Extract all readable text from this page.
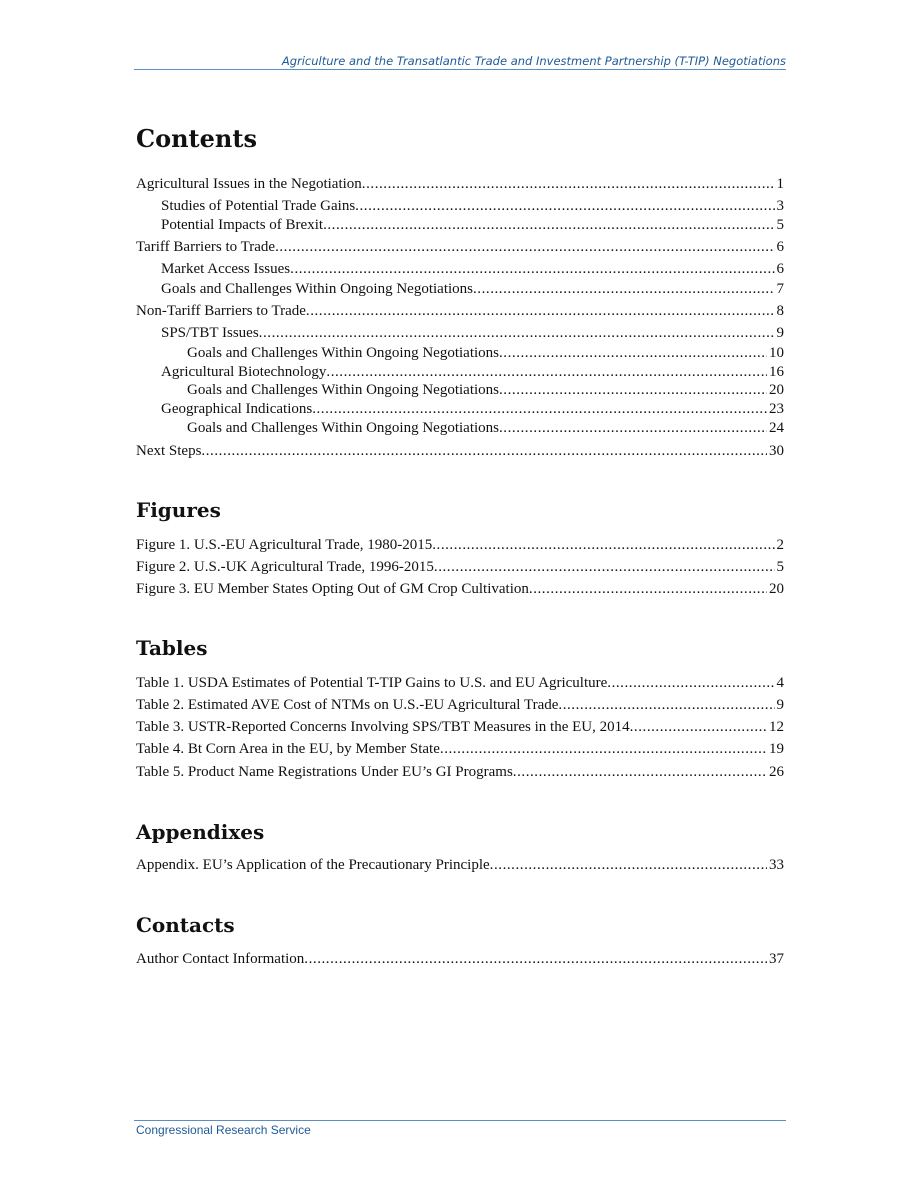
Agriculture and the Transatlantic Trade and Investment Partnership (T-TIP) Negotiations
Contents
Agricultural Issues in the Negotiation . . .	1
Studies of Potential Trade Gains . . .	3
Potential Impacts of Brexit . . .	5
Tariff Barriers to Trade . . .	6
Market Access Issues . . .	6
Goals and Challenges Within Ongoing Negotiations . . .	7
Non-Tariff Barriers to Trade . . .	8
SPS/TBT Issues . . .	9
Goals and Challenges Within Ongoing Negotiations . . .	10
Agricultural Biotechnology . . .	16
Goals and Challenges Within Ongoing Negotiations . . .	20
Geographical Indications . . .	23
Goals and Challenges Within Ongoing Negotiations . . .	24
Next Steps . . .	30
Figures
Figure 1. U.S.-EU Agricultural Trade, 1980-2015 . . .	2
Figure 2. U.S.-UK Agricultural Trade, 1996-2015 . . .	5
Figure 3. EU Member States Opting Out of GM Crop Cultivation . . .	20
Tables
Table 1. USDA Estimates of Potential T-TIP Gains to U.S. and EU Agriculture . . .	4
Table 2. Estimated AVE Cost of NTMs on U.S.-EU Agricultural Trade . . .	9
Table 3. USTR-Reported Concerns Involving SPS/TBT Measures in the EU, 2014 . . .	12
Table 4. Bt Corn Area in the EU, by Member State . . .	19
Table 5. Product Name Registrations Under EU’s GI Programs . . .	26
Appendixes
Appendix. EU’s Application of the Precautionary Principle . . .	33
Contacts
Author Contact Information . . .	37
Congressional Research Service
